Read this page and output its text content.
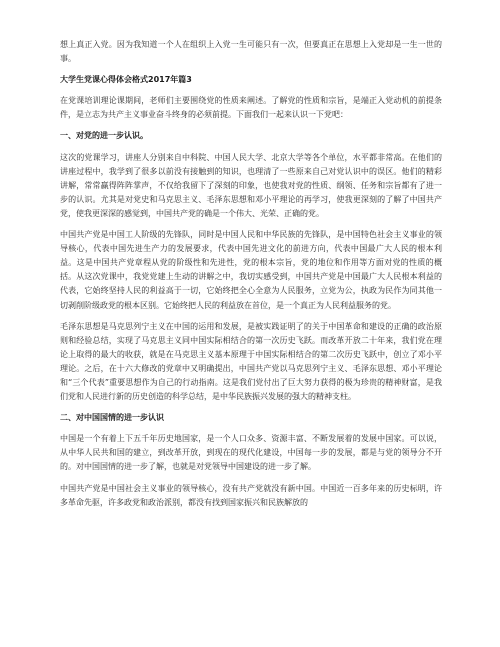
想上真正入党。因为我知道一个人在组织上入党一生可能只有一次，但要真正在思想上入党却是一生一世的事。

大学生党课心得体会格式2017年篇3

在党课培训理论课期间，老师们主要围绕党的性质来阐述。了解党的性质和宗旨，是端正入党动机的前提条件，是立志为共产主义事业奋斗终身的必须前提。下面我们一起来认识一下党吧：

一、对党的进一步认识。

这次的党课学习，讲座人分别来自中科院、中国人民大学、北京大学等各个单位，水平都非常高。在他们的讲座过程中，我学到了很多以前没有接触到的知识，也理清了一些原来自己对党认识中的误区。他们的精彩讲解，常常赢得阵阵掌声，不仅给我留下了深刻的印象，也使我对党的性质、纲领、任务和宗旨都有了进一步的认识。尤其是对党史和马克思主义、毛泽东思想和邓小平理论的再学习，使我更深刻的了解了中国共产党，使我更深深的感觉到，中国共产党的确是一个伟大、光荣、正确的党。

中国共产党是中国工人阶级的先锋队，同时是中国人民和中华民族的先锋队，是中国特色社会主义事业的领导核心，代表中国先进生产力的发展要求，代表中国先进文化的前进方向，代表中国最广大人民的根本利益。这是中国共产党章程从党的阶级性和先进性，党的根本宗旨，党的地位和作用等方面对党的性质的概括。从这次党课中，我党党建上生动的讲解之中，我切实感受到，中国共产党是中国最广大人民根本利益的代表，它始终坚持人民的利益高于一切，它始终把全心全意为人民服务，立党为公，执政为民作为同其他一切剥削阶级政党的根本区别。它始终把人民的利益放在首位，是一个真正为人民利益服务的党。

毛泽东思想是马克思列宁主义在中国的运用和发展，是被实践证明了的关于中国革命和建设的正确的政治原则和经验总结，实现了马克思主义同中国实际相结合的第一次历史飞跃。而改革开放二十年来，我们党在理论上取得的最大的收获，就是在马克思主义基本原理于中国实际相结合的第二次历史飞跃中，创立了邓小平理论。之后，在十六大修改的党章中又明确提出，中国共产党以马克思列宁主义、毛泽东思想、邓小平理论和“三个代表”重要思想作为自己的行动指南。这是我们党付出了巨大努力获得的极为珍贵的精神财富，是我们党和人民进行新的历史创造的科学总结，是中华民族振兴发展的强大的精神支柱。

二、对中国国情的进一步认识

中国是一个有着上下五千年历史地国家，是一个人口众多、资源丰富、不断发展着的发展中国家。可以说，从中华人民共和国的建立，到改革开放，到现在的现代化建设，中国每一步的发展，都是与党的领导分不开的。对中国国情的进一步了解，也就是对党领导中国建设的进一步了解。

中国共产党是中国社会主义事业的领导核心，没有共产党就没有新中国。中国近一百多年来的历史标明，许多革命先驱，许多政党和政治派别，都没有找到国家振兴和民族解放的
